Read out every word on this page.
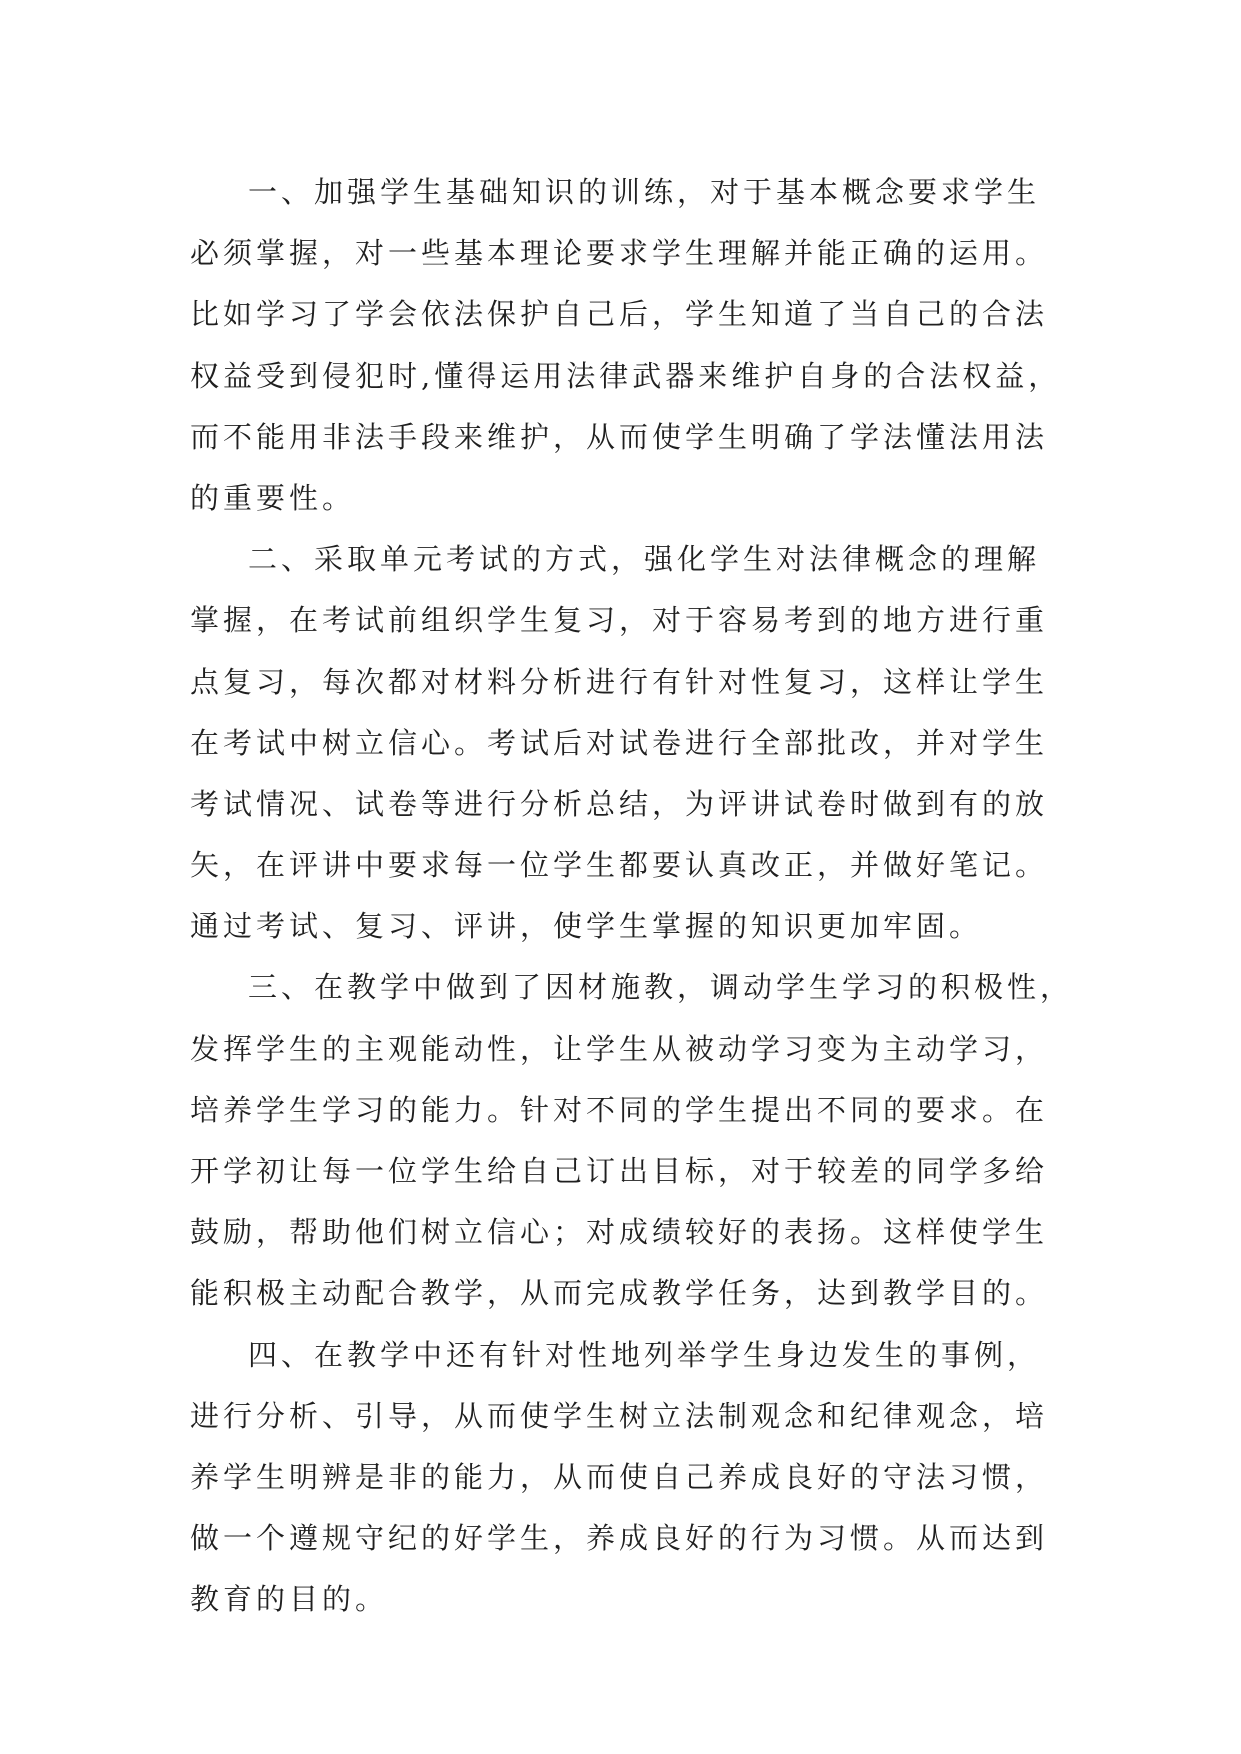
一、加强学生基础知识的训练，对于基本概念要求学生
必须掌握，对一些基本理论要求学生理解并能正确的运用。
比如学习了学会依法保护自己后，学生知道了当自己的合法
权益受到侵犯时,懂得运用法律武器来维护自身的合法权益，
而不能用非法手段来维护，从而使学生明确了学法懂法用法
的重要性。

二、采取单元考试的方式，强化学生对法律概念的理解
掌握，在考试前组织学生复习，对于容易考到的地方进行重
点复习，每次都对材料分析进行有针对性复习，这样让学生
在考试中树立信心。考试后对试卷进行全部批改，并对学生
考试情况、试卷等进行分析总结，为评讲试卷时做到有的放
矢，在评讲中要求每一位学生都要认真改正，并做好笔记。
通过考试、复习、评讲，使学生掌握的知识更加牢固。

三、在教学中做到了因材施教，调动学生学习的积极性，
发挥学生的主观能动性，让学生从被动学习变为主动学习，
培养学生学习的能力。针对不同的学生提出不同的要求。在
开学初让每一位学生给自己订出目标，对于较差的同学多给
鼓励，帮助他们树立信心；对成绩较好的表扬。这样使学生
能积极主动配合教学，从而完成教学任务，达到教学目的。

四、在教学中还有针对性地列举学生身边发生的事例，
进行分析、引导，从而使学生树立法制观念和纪律观念，培
养学生明辨是非的能力，从而使自己养成良好的守法习惯，
做一个遵规守纪的好学生，养成良好的行为习惯。从而达到
教育的目的。
